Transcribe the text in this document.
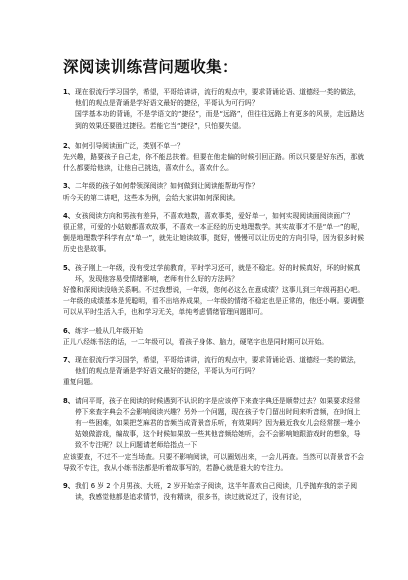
深阅读训练营问题收集：
1、 现在很流行学习国学，希望，平哥给讲讲，流行的观点中，要求背诵论语、道德经一类的做法，他们的观点是背诵是学好语文最好的捷径，平哥认为可行吗？

国学基本功的背诵，不是学语文的“捷径”，而是“远路”，但往往远路上有更多的风景，走远路达到的效果还要胜过捷径。若能它当“捷径”，只怕要失望。

2、 如何引导阅读面广泛，类别不单一？

先兴趣，路要孩子自己走，你不能总扶着。但要在他走偏的时候引回正路。所以只要是好东西，那就什么都要给他读，让他自己挑选，喜欢什么，喜欢什么。

3、 二年级的孩子如何带领深阅读？如何做到让阅读能帮助写作？

听今天的第二讲吧，这些本为例，会给大家讲如何深阅读。

4、 女孩阅读方向和男孩有差异，不喜欢地数，喜欢事类，爱好单一，如何实现阅读面阅读面广？

很正常，可爱的小姑娘都喜欢故事，不喜欢一本正经的历史地理数学。其实故事才不是“单一”的呢，倒是地理数学科学有点“单一”，就先让她读故事，挺好，慢慢可以让历史的方向引导，因为很多时候历史也是故事。

5、 孩子刚上一年级，没有受过学前教育，平时学习还可，就是不稳定。好的时候真好，坏的时候真坏，发现他容易受情绪影响，老师有什么好的方法吗？

好像和深阅读没啥关系啊。不过我想说，一年级，您何必这么在意成绩？这事儿到三年级再担心吧。一年级的成绩基本是凭聪明，看不出培养成果，一年级的情绪不稳定也是正常的，他还小啊。要调整可以从平时生活入手，也和学习无关，单纯考虑情绪管理问题即可。

6、 练字一般从几年级开始

正儿八经练书法的话，一二年级可以，看孩子身体、脑力，硬笔字也是同时期可以开始。

7、 现在很流行学习国学，希望，平哥给讲讲，流行的观点中，要求背诵论语、道德经一类的做法，他们的观点是背诵是学好语文最好的捷径，平哥认为可行吗？

重复问题。

8、 请问平哥，孩子在阅读的时候遇到不认识的字是应该停下来查字典还是顺带过去？如果要求经常停下来查字典会不会影响阅读兴趣？另外一个问题，现在孩子专门留出时间来听音频，在时间上有一些困难，如果把芝麻君的音频当成背景音乐听，有效果吗？因为最近我女儿会经常摆一堆小姑娘做游戏，编故事，这个时候如果放一些其他音频给她听，会不会影响她跟游戏时的想象，导致不专注呢？以上问题请老师给指点一下

应该要查，不过不一定当场查。只要不影响阅读，可以圈划出来，一会儿再查。当然可以背景音不会导致不专注，我从小练书法都是听着故事写的，若静心就是谁大的专注力。

9、 我们 6 岁 2 个月男孩、大班，2 岁开始亲子阅读，这半年喜欢自己阅读，几乎抛弃我的亲子阅读，我感觉他都是追求情节，没有精读，很多书，读过就说过了，没有讨论，
